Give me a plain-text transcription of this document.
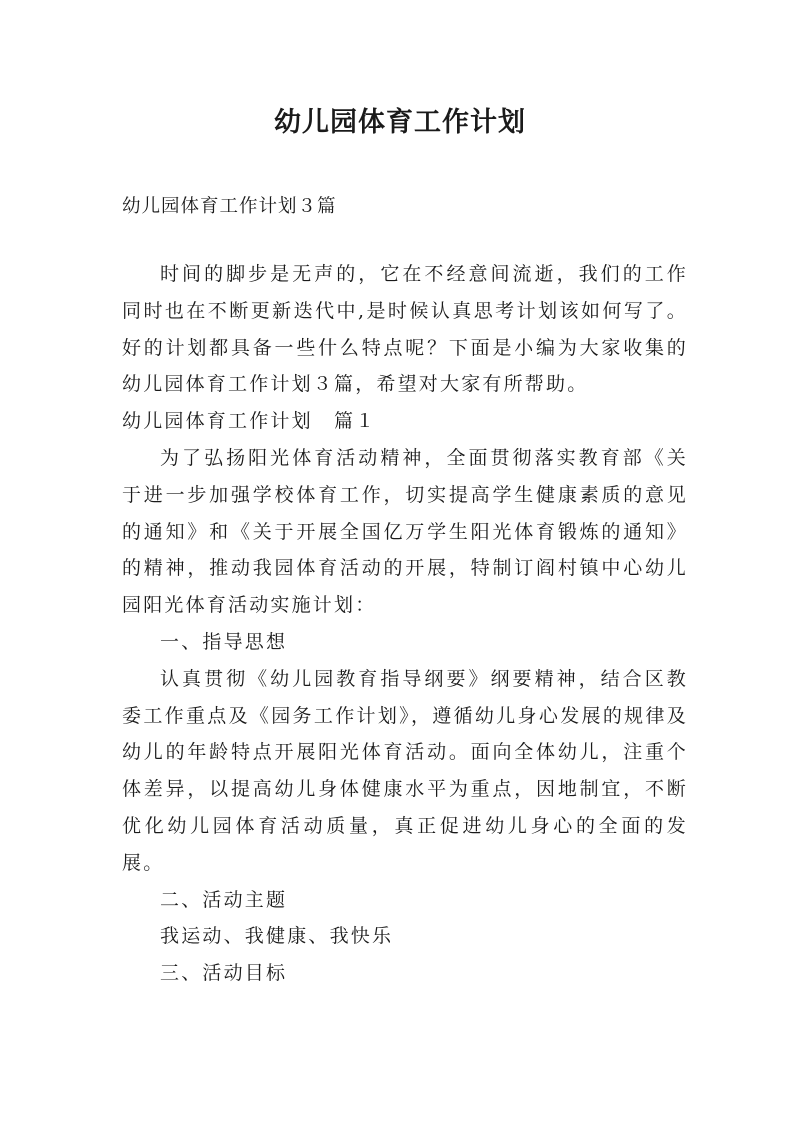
幼儿园体育工作计划
幼儿园体育工作计划３篇

时间的脚步是无声的，它在不经意间流逝，我们的工作同时也在不断更新迭代中,是时候认真思考计划该如何写了。好的计划都具备一些什么特点呢？下面是小编为大家收集的幼儿园体育工作计划３篇，希望对大家有所帮助。

幼儿园体育工作计划　篇１

为了弘扬阳光体育活动精神，全面贯彻落实教育部《关于进一步加强学校体育工作，切实提高学生健康素质的意见的通知》和《关于开展全国亿万学生阳光体育锻炼的通知》的精神，推动我园体育活动的开展，特制订阎村镇中心幼儿园阳光体育活动实施计划：

一、指导思想

认真贯彻《幼儿园教育指导纲要》纲要精神，结合区教委工作重点及《园务工作计划》，遵循幼儿身心发展的规律及幼儿的年龄特点开展阳光体育活动。面向全体幼儿，注重个体差异，以提高幼儿身体健康水平为重点，因地制宜，不断优化幼儿园体育活动质量，真正促进幼儿身心的全面的发展。

二、活动主题

我运动、我健康、我快乐

三、活动目标
